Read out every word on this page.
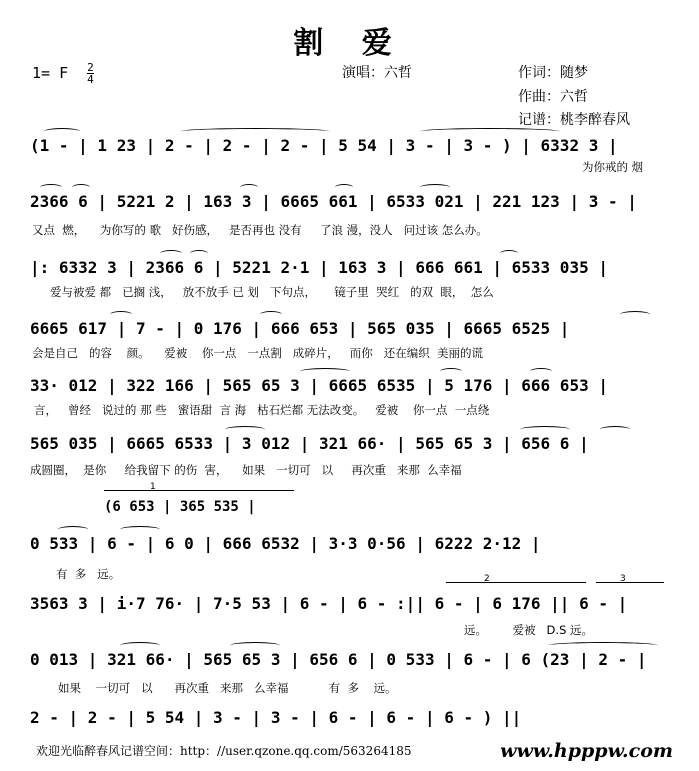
割 爱
1= F $\frac{2}{4}$	演唱：六哲	作词：随梦
作曲：六哲
记谱：桃李醉春风
(1 - | 1 23 | 2 - | 2 - | 2 - | 5 54 | 3 - | 3 - ) | 6332 3 |
为你戒的 烟
2366 6 | 5221 2 | 163 3 | 6665 661 | 6533 021 | 221 123 | 3 - |
又点  燃，    为你写的 歌   好伤感，   是否再也 没有     了浪 漫，没人   问过该 怎么办。
|: 6332 3 | 2366 6 | 5221 2·1 | 163 3 | 666 661 | 6533 035 |
爱与被爱 都   已搁 浅，   放不放手 已 划   下句点，     镜子里  哭红   的双  眼，  怎么
6665 617 | 7 - | 0 176 | 666 653 | 565 035 | 6665 6525 |
会是自己   的容    颜。    爱被    你一点   一点割   成碎片，   而你   还在编织  美丽的谎
33· 012 | 322 166 | 565 65 3 | 6665 6535 | 5 176 | 666 653 |
言，   曾经   说过的 那 些   蜜语甜  言 海   枯石烂都 无法改变。   爱被    你一点  一点绕
565 035 | 6665 6533 | 3 012 | 321 66· | 565 65 3 | 656 6 |
成圆圈，  是你     给我留下 的伤  害，    如果   一切可   以     再次重   来那  么幸福
1
(6 653 | 365 535 |
0 533 | 6 - | 6 0 | 666 6532 | 3·3 0·56 | 6222 2·12 |
有  多   远。	2	3
3563 3 | i·7 76· | 7·5 53 | 6 - | 6 - :|| 6 - | 6 176 || 6 - |
远。       爱被   D.S 远。
0 013 | 321 66· | 565 65 3 | 656 6 | 0 533 | 6 - | 6 (23 | 2 - |
如果    一切可   以      再次重   来那   么幸福           有  多    远。
2 - | 2 - | 5 54 | 3 - | 3 - | 6 - | 6 - | 6 - ) ||
欢迎光临醉春风记谱空间：http：//user.qzone.qq.com/563264185	www.hpppw.com
